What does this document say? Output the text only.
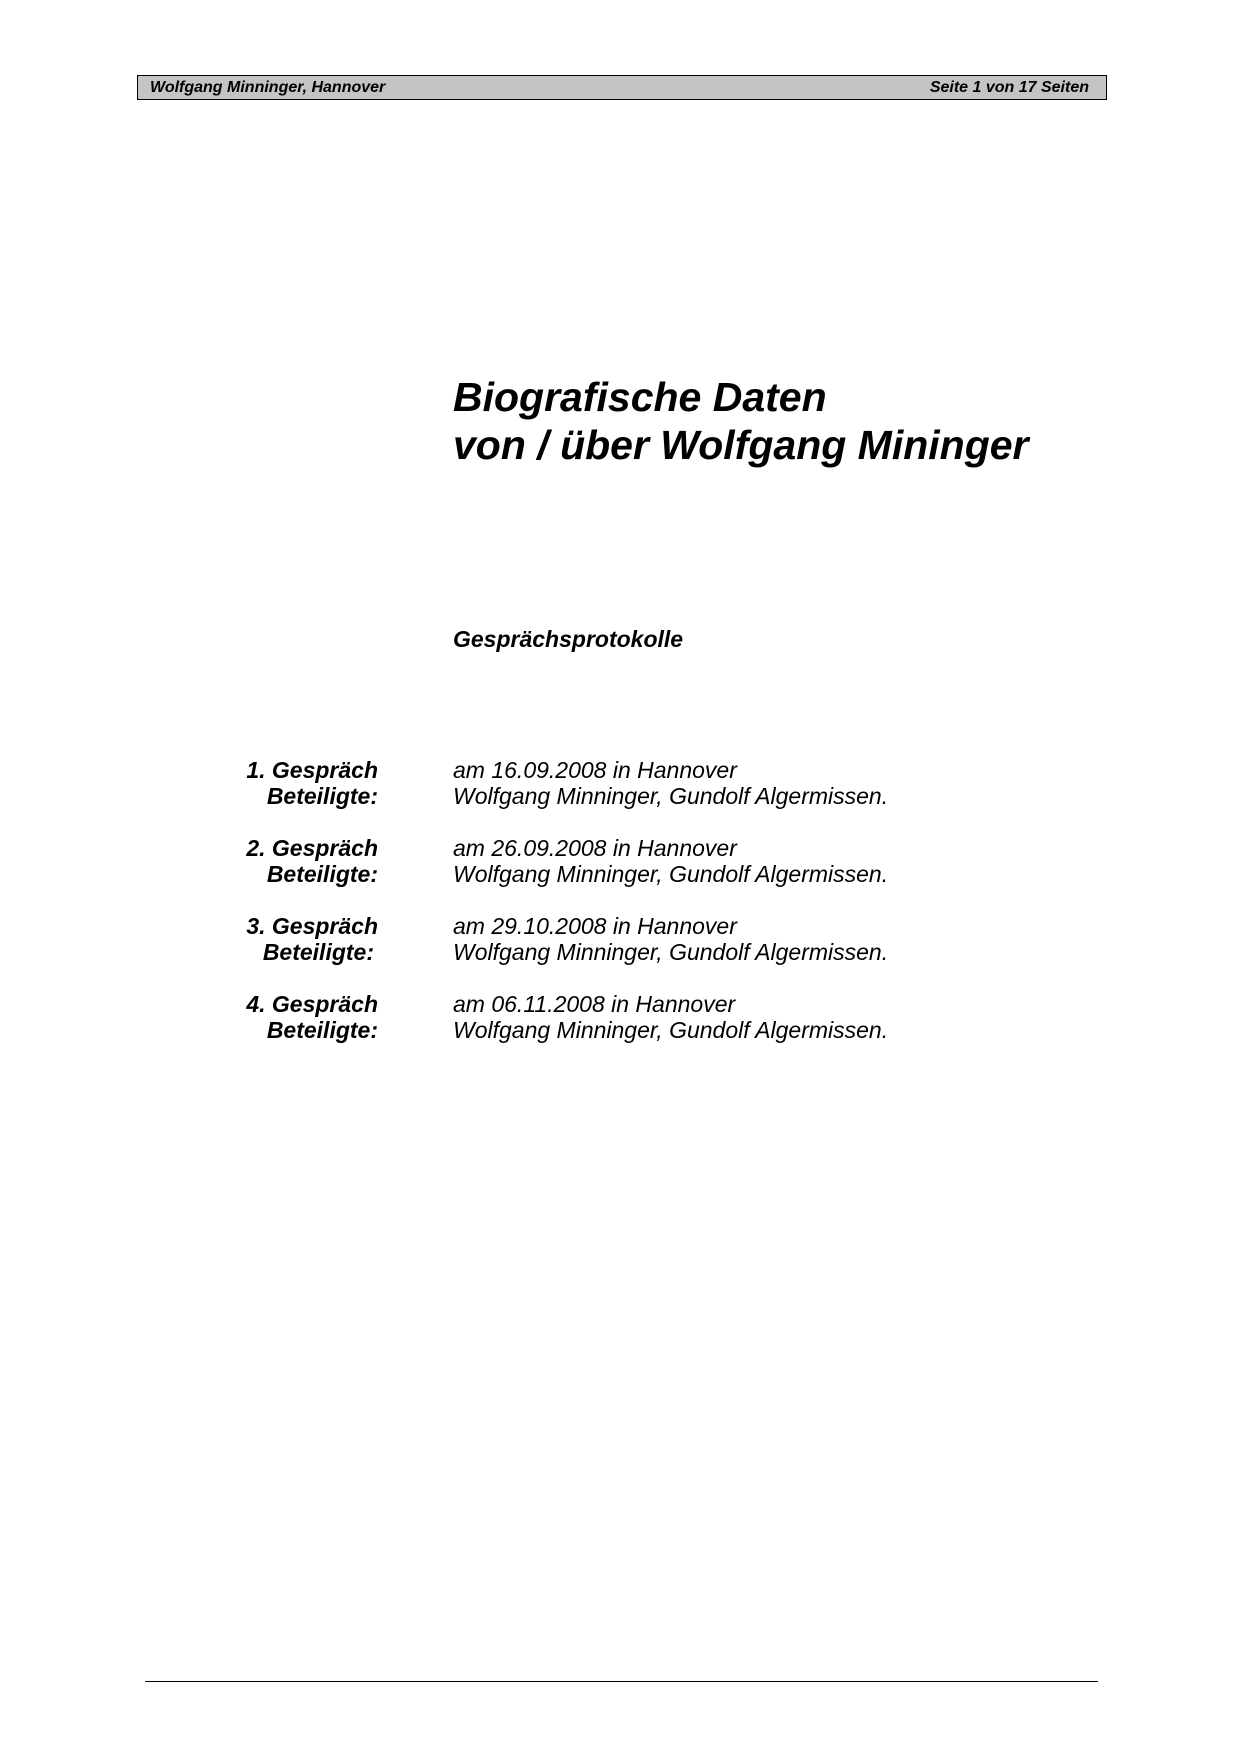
Wolfgang Minninger, Hannover	Seite 1 von 17 Seiten
Biografische Daten
von / über Wolfgang Mininger
Gesprächsprotokolle
1. Gespräch	am 16.09.2008 in Hannover
Beteiligte:	Wolfgang Minninger, Gundolf Algermissen.
2. Gespräch	am 26.09.2008 in Hannover
Beteiligte:	Wolfgang Minninger, Gundolf Algermissen.
3. Gespräch	am 29.10.2008 in Hannover
Beteiligte:	Wolfgang Minninger, Gundolf Algermissen.
4. Gespräch	am 06.11.2008 in Hannover
Beteiligte:	Wolfgang Minninger, Gundolf Algermissen.
